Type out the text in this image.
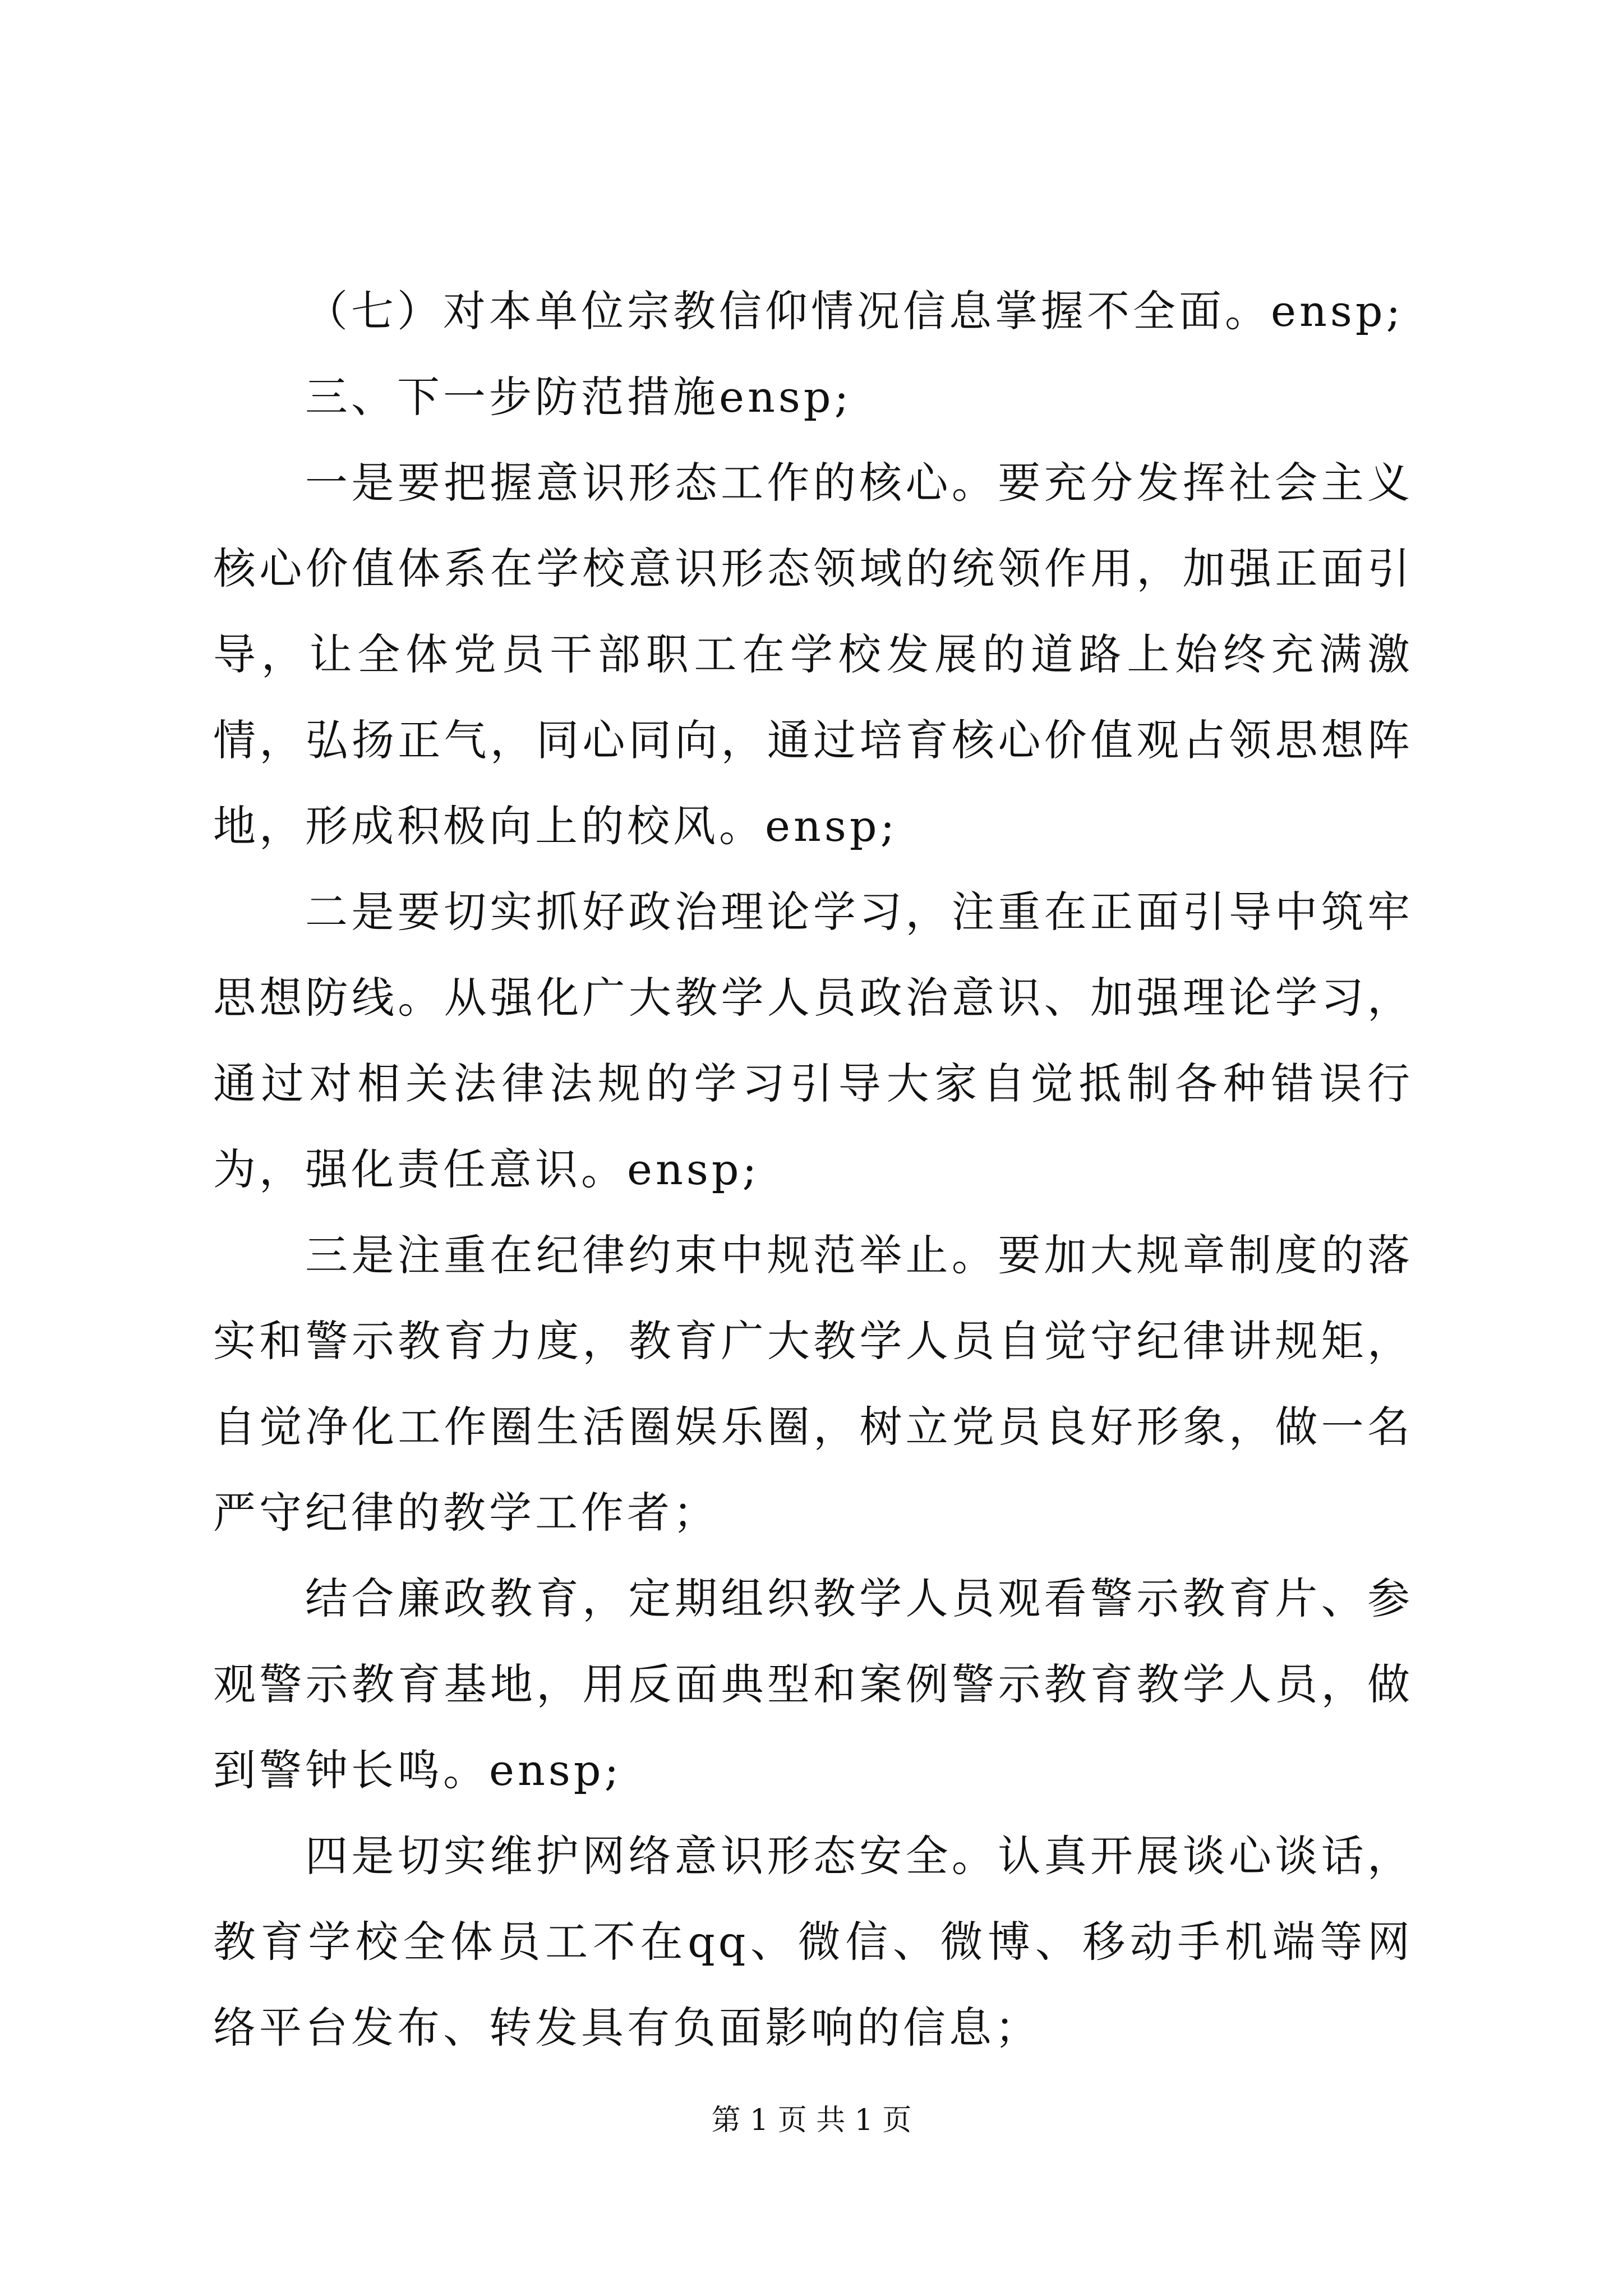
（七）对本单位宗教信仰情况信息掌握不全面。ensp;

三、下一步防范措施ensp;

一是要把握意识形态工作的核心。要充分发挥社会主义核心价值体系在学校意识形态领域的统领作用，加强正面引导，让全体党员干部职工在学校发展的道路上始终充满激情，弘扬正气，同心同向，通过培育核心价值观占领思想阵地，形成积极向上的校风。ensp;

二是要切实抓好政治理论学习，注重在正面引导中筑牢思想防线。从强化广大教学人员政治意识、加强理论学习，通过对相关法律法规的学习引导大家自觉抵制各种错误行为，强化责任意识。ensp;

三是注重在纪律约束中规范举止。要加大规章制度的落实和警示教育力度，教育广大教学人员自觉守纪律讲规矩，自觉净化工作圈生活圈娱乐圈，树立党员良好形象，做一名严守纪律的教学工作者；

结合廉政教育，定期组织教学人员观看警示教育片、参观警示教育基地，用反面典型和案例警示教育教学人员，做到警钟长鸣。ensp;

四是切实维护网络意识形态安全。认真开展谈心谈话，教育学校全体员工不在qq、微信、微博、移动手机端等网络平台发布、转发具有负面影响的信息；

第 1 页 共 1 页
